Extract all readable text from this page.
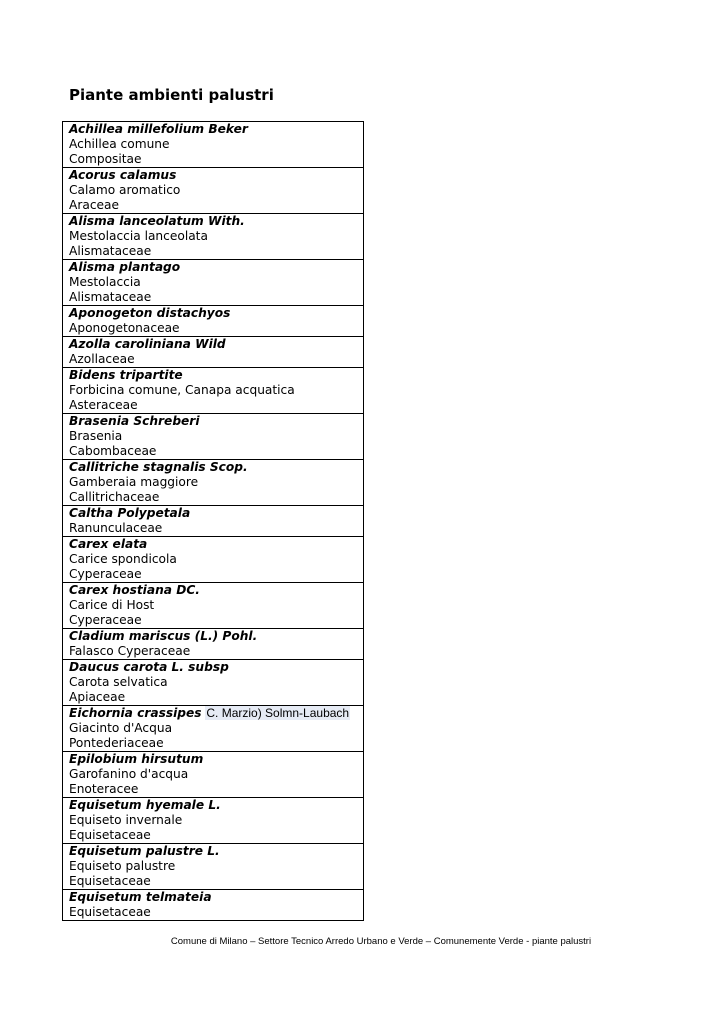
Piante ambienti palustri
Achillea millefolium Beker
Achillea comune
Compositae
Acorus calamus
Calamo aromatico
Araceae
Alisma lanceolatum With.
Mestolaccia lanceolata
Alismataceae
Alisma plantago
Mestolaccia
Alismataceae
Aponogeton distachyos
Aponogetonaceae
Azolla caroliniana Wild
Azollaceae
Bidens tripartite
Forbicina comune, Canapa acquatica
Asteraceae
Brasenia Schreberi
Brasenia
Cabombaceae
Callitriche stagnalis Scop.
Gamberaia maggiore
Callitrichaceae
Caltha Polypetala
Ranunculaceae
Carex elata
Carice spondicola
Cyperaceae
Carex hostiana DC.
Carice di Host
Cyperaceae
Cladium mariscus (L.) Pohl.
Falasco Cyperaceae
Daucus carota L. subsp
Carota selvatica
Apiaceae
Eichornia crassipes C. Marzio) Solmn-Laubach
Giacinto d'Acqua
Pontederiaceae
Epilobium hirsutum
Garofanino d'acqua
Enoteracee
Equisetum hyemale L.
Equiseto invernale
Equisetaceae
Equisetum palustre L.
Equiseto palustre
Equisetaceae
Equisetum telmateia
Equisetaceae
Comune di Milano – Settore Tecnico Arredo Urbano e Verde – Comunemente Verde - piante palustri
